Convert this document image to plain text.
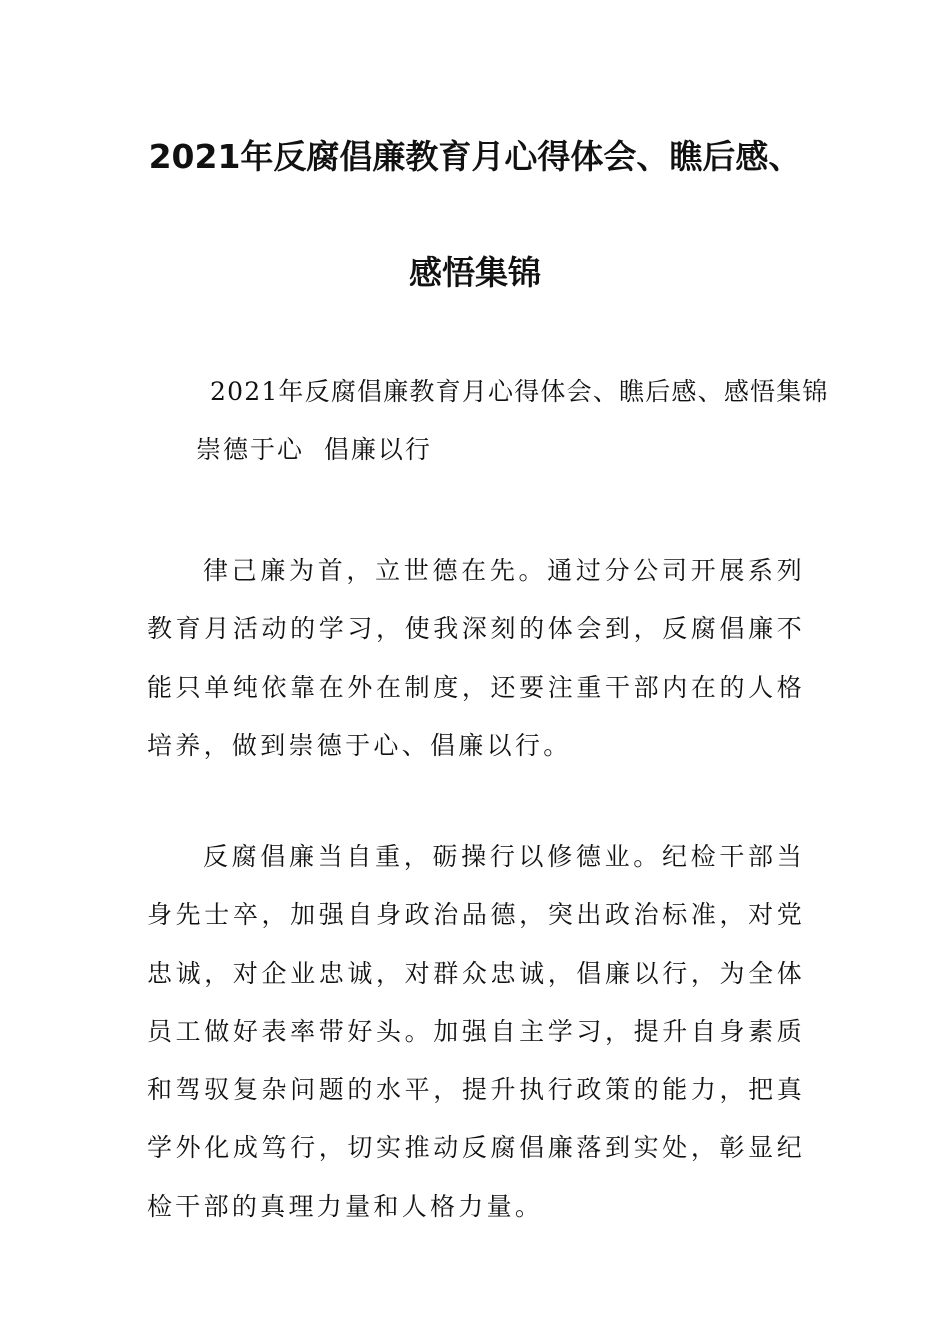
2021年反腐倡廉教育月心得体会、瞧后感、
感悟集锦
2021年反腐倡廉教育月心得体会、瞧后感、感悟集锦
崇德于心  倡廉以行
律己廉为首，立世德在先。通过分公司开展系列教育月活动的学习，使我深刻的体会到，反腐倡廉不能只单纯依靠在外在制度，还要注重干部内在的人格培养，做到崇德于心、倡廉以行。
反腐倡廉当自重，砺操行以修德业。纪检干部当身先士卒，加强自身政治品德，突出政治标准，对党忠诚，对企业忠诚，对群众忠诚，倡廉以行，为全体员工做好表率带好头。加强自主学习，提升自身素质和驾驭复杂问题的水平，提升执行政策的能力，把真学外化成笃行，切实推动反腐倡廉落到实处，彰显纪检干部的真理力量和人格力量。
